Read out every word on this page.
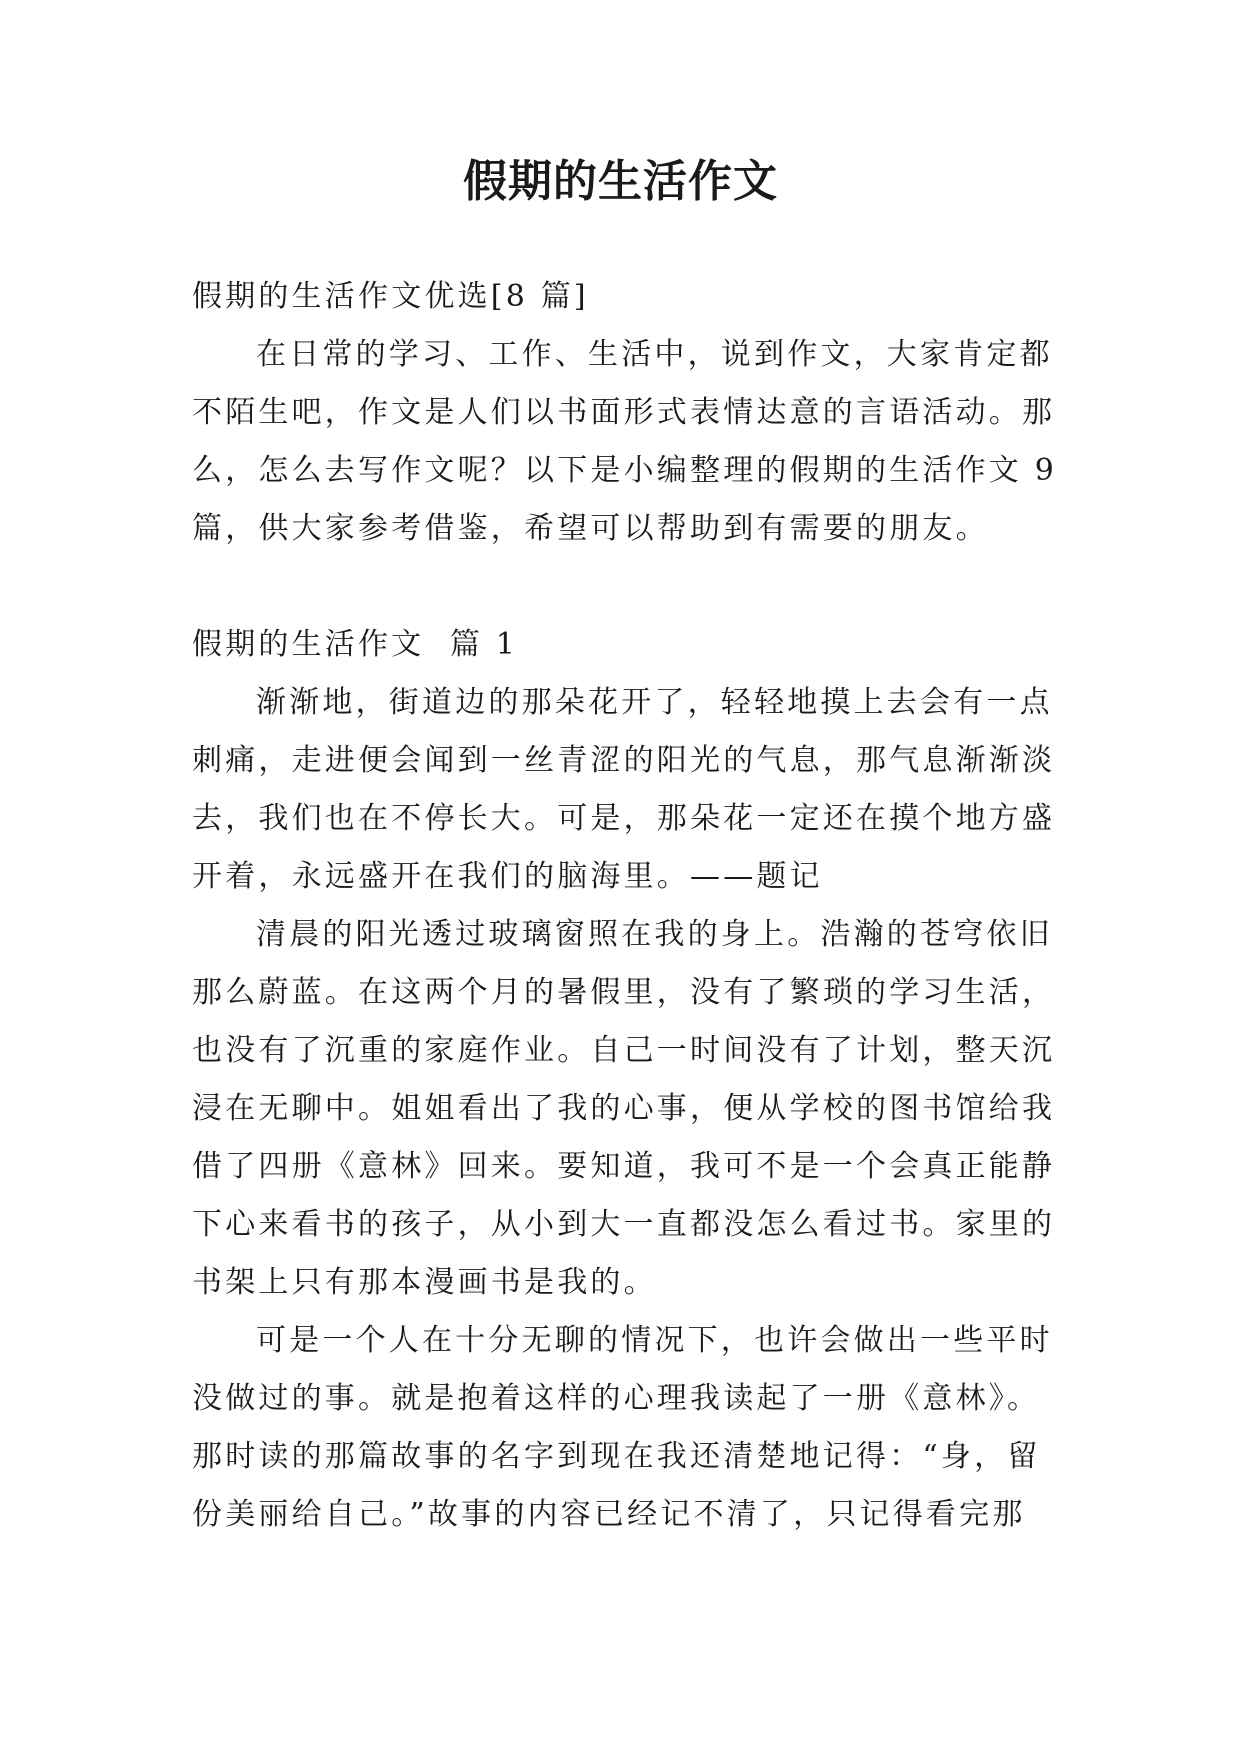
假期的生活作文

假期的生活作文优选[8 篇]

在日常的学习、工作、生活中，说到作文，大家肯定都

不陌生吧，作文是人们以书面形式表情达意的言语活动。那

么，怎么去写作文呢？以下是小编整理的假期的生活作文 9

篇，供大家参考借鉴，希望可以帮助到有需要的朋友。

假期的生活作文  篇 1

渐渐地，街道边的那朵花开了，轻轻地摸上去会有一点

刺痛，走进便会闻到一丝青涩的阳光的气息，那气息渐渐淡

去，我们也在不停长大。可是，那朵花一定还在摸个地方盛

开着，永远盛开在我们的脑海里。——题记

清晨的阳光透过玻璃窗照在我的身上。浩瀚的苍穹依旧

那么蔚蓝。在这两个月的暑假里，没有了繁琐的学习生活，

也没有了沉重的家庭作业。自己一时间没有了计划，整天沉

浸在无聊中。姐姐看出了我的心事，便从学校的图书馆给我

借了四册《意林》回来。要知道，我可不是一个会真正能静

下心来看书的孩子，从小到大一直都没怎么看过书。家里的

书架上只有那本漫画书是我的。

可是一个人在十分无聊的情况下，也许会做出一些平时

没做过的事。就是抱着这样的心理我读起了一册《意林》。

那时读的那篇故事的名字到现在我还清楚地记得：“身，留

份美丽给自己。”故事的内容已经记不清了，只记得看完那
